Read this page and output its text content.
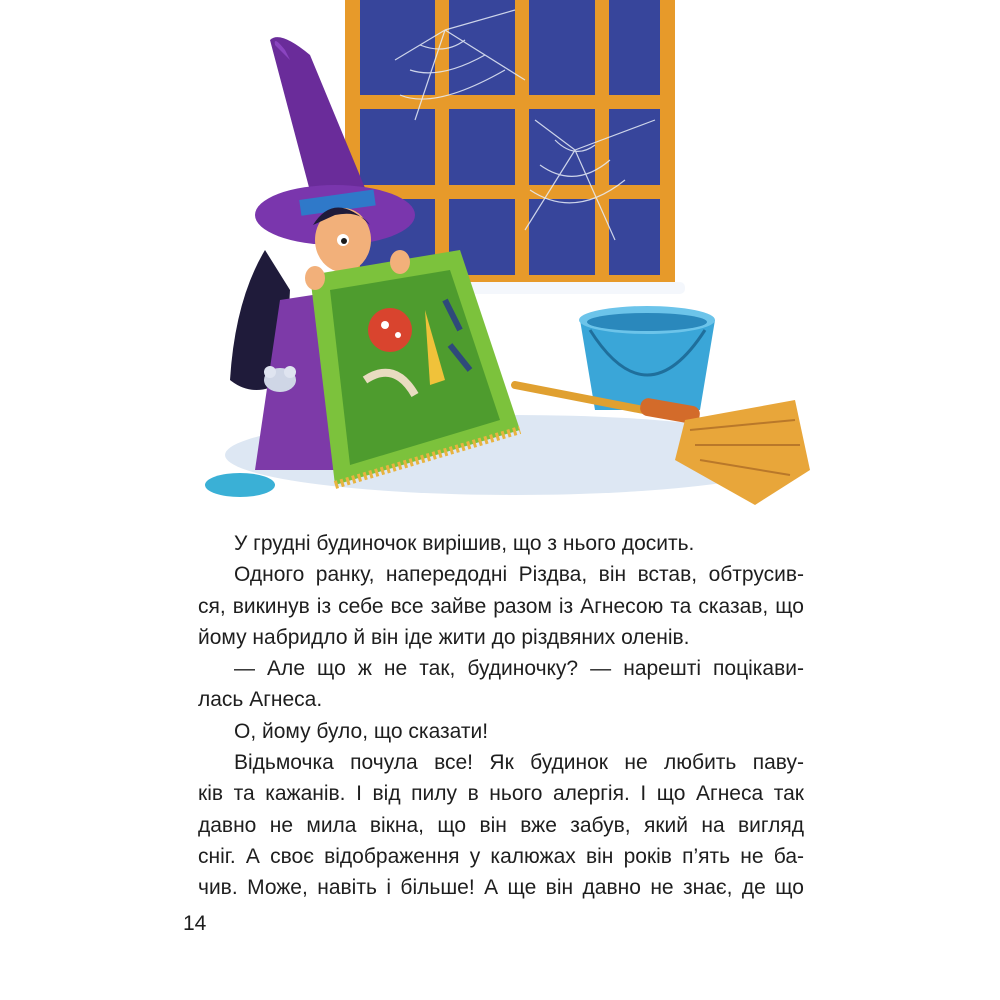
У грудні будиночок вирішив, що з нього досить.

Одного ранку, напередодні Різдва, він встав, обтрусив-

ся, викинув із себе все зайве разом із Агнесою та сказав, що

йому набридло й він іде жити до різдвяних оленів.

— Але що ж не так, будиночку? — нарешті поцікави-

лась Агнеса.

О, йому було, що сказати!

Відьмочка почула все! Як будинок не любить паву-

ків та кажанів. І від пилу в нього алергія. І що Агнеса так

давно не мила вікна, що він вже забув, який на вигляд

сніг. А своє відображення у калюжах він років п’ять не ба-

чив. Може, навіть і більше! А ще він давно не знає, де що

14
